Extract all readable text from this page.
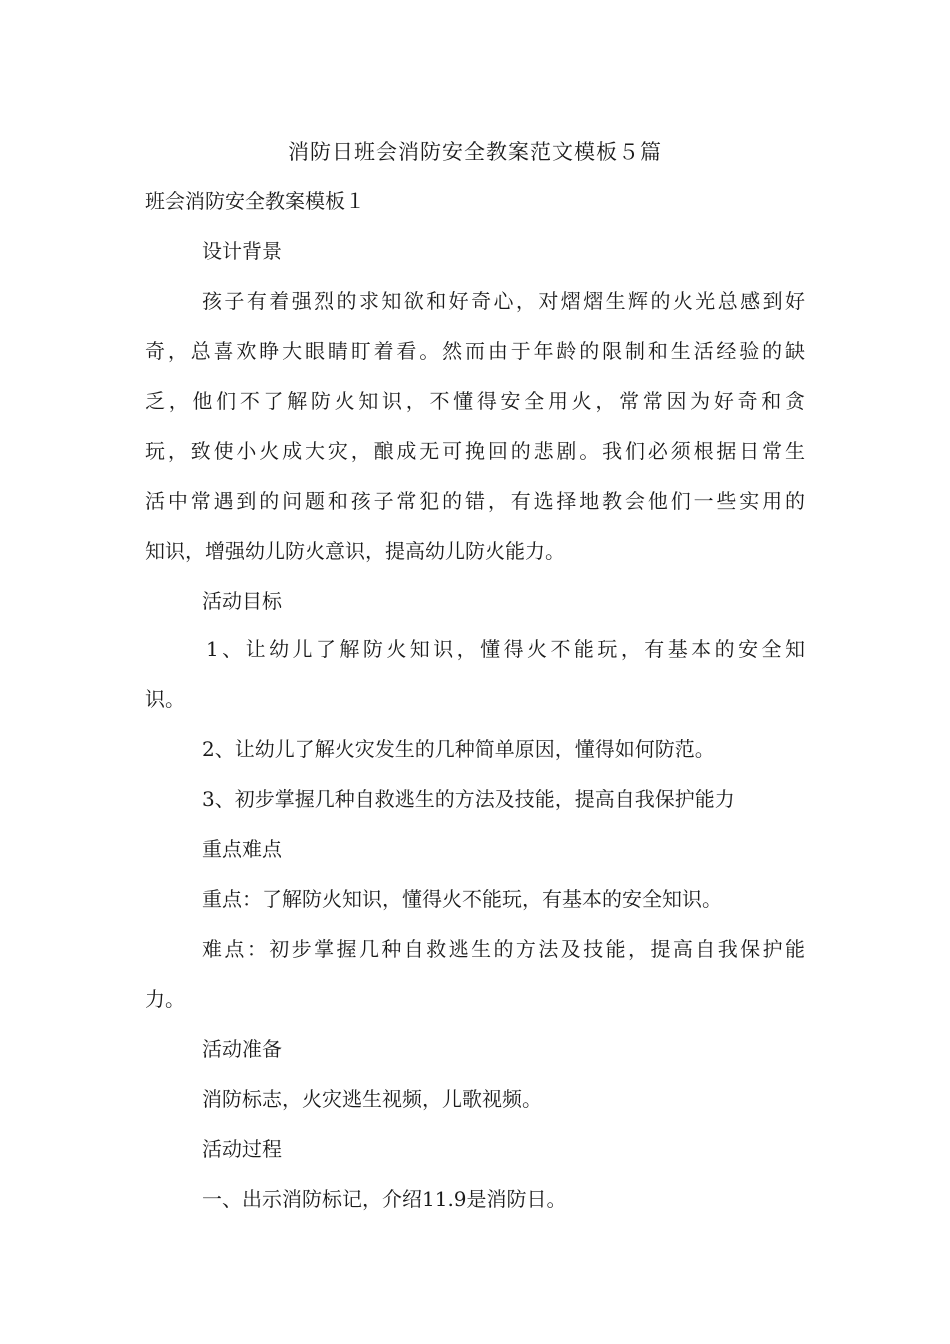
消防日班会消防安全教案范文模板５篇
班会消防安全教案模板１
设计背景
孩子有着强烈的求知欲和好奇心，对熠熠生辉的火光总感到好
奇，总喜欢睁大眼睛盯着看。然而由于年龄的限制和生活经验的缺
乏，他们不了解防火知识，不懂得安全用火，常常因为好奇和贪
玩，致使小火成大灾，酿成无可挽回的悲剧。我们必须根据日常生
活中常遇到的问题和孩子常犯的错，有选择地教会他们一些实用的
知识，增强幼儿防火意识，提高幼儿防火能力。
活动目标
1、让幼儿了解防火知识，懂得火不能玩，有基本的安全知
识。
2、让幼儿了解火灾发生的几种简单原因，懂得如何防范。
3、初步掌握几种自救逃生的方法及技能，提高自我保护能力
重点难点
重点：了解防火知识，懂得火不能玩，有基本的安全知识。
难点：初步掌握几种自救逃生的方法及技能，提高自我保护能
力。
活动准备
消防标志，火灾逃生视频，儿歌视频。
活动过程
一、出示消防标记，介绍11.9是消防日。
